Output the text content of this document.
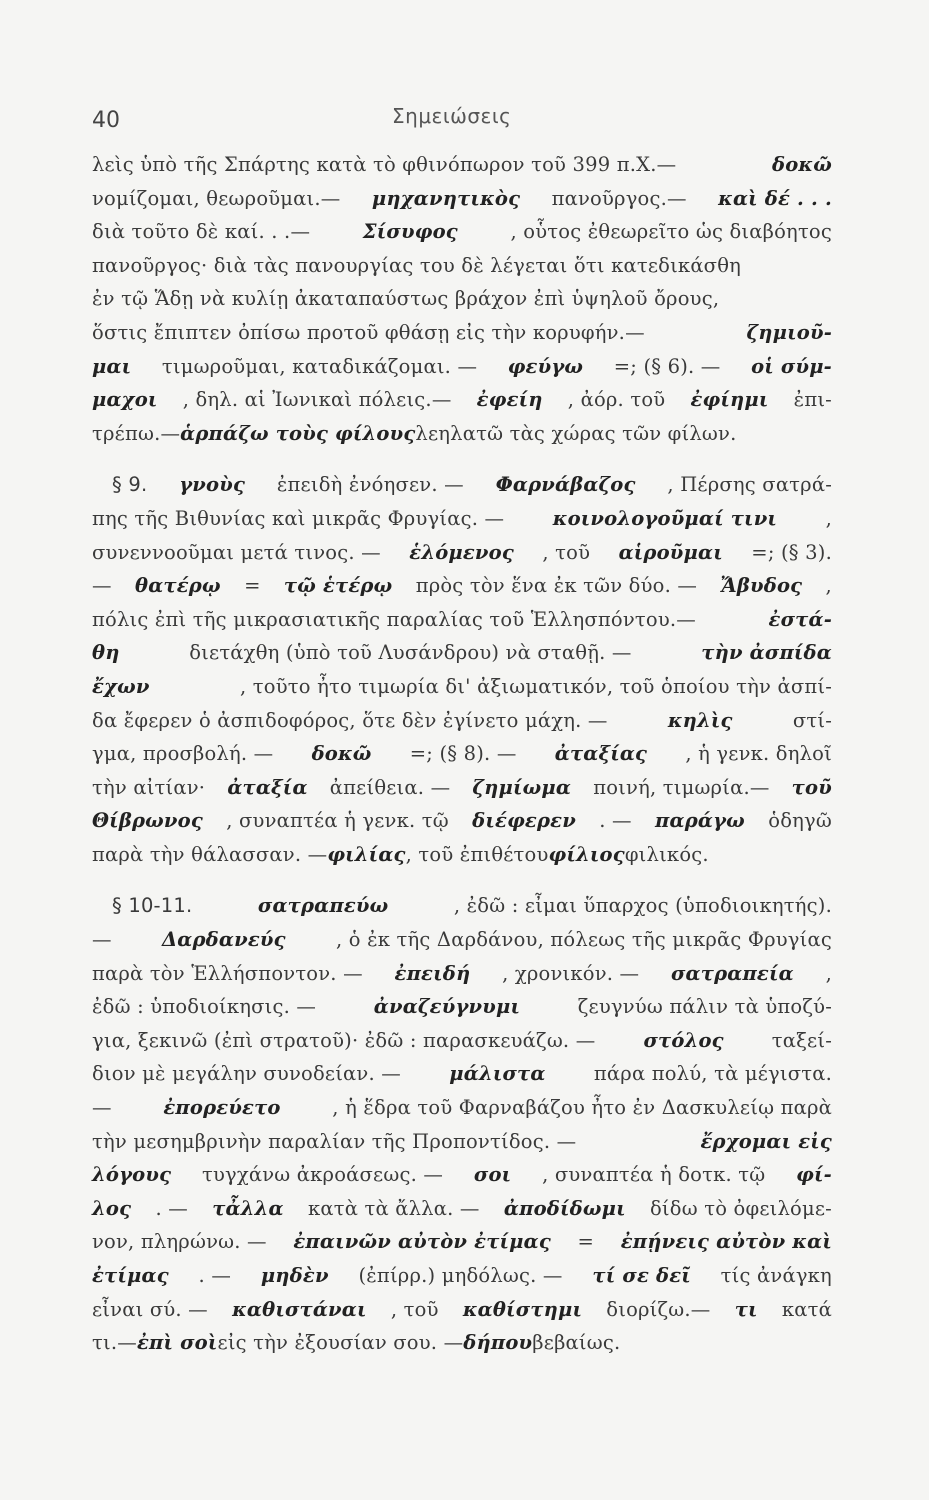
40	Σημειώσεις
λεὶς ὑπὸ τῆς Σπάρτης κατὰ τὸ φθινόπωρον τοῦ 399 π.Χ.—	δοκῶ
νομίζομαι, θεωροῦμαι.— μηχανητικὸς πανοῦργος.— καὶ δέ . . .
διὰ τοῦτο δὲ καί. . .—	Σίσυφος	, οὗτος ἐθεωρεῖτο ὡς διαβόητος
πανοῦργος· διὰ τὰς πανουργίας του δὲ λέγεται ὅτι κατεδικάσθη
ἐν τῷ Ἅδῃ νὰ κυλίῃ ἀκαταπαύστως βράχον ἐπὶ ὑψηλοῦ ὄρους,
ὅστις ἔπιπτεν ὀπίσω προτοῦ φθάσῃ εἰς τὴν κορυφήν.—	ζημιοῦ-
μαι τιμωροῦμαι, καταδικάζομαι. — φεύγω =; (§ 6). — οἱ σύμ-
μαχοι , δηλ. αἱ Ἰωνικαὶ πόλεις.— ἐφείη , ἀόρ. τοῦ ἐφίημι ἐπι-
τρέπω.— ἁρπάζω τοὺς φίλους λεηλατῶ τὰς χώρας τῶν φίλων.
§ 9. γνοὺς ἐπειδὴ ἐνόησεν. — Φαρνάβαζος , Πέρσης σατρά-
πης τῆς Βιθυνίας καὶ μικρᾶς Φρυγίας. — κοινολογοῦμαί τινι ,
συνεννοοῦμαι μετά τινος. — ἑλόμενος , τοῦ αἱροῦμαι =; (§ 3).
— θατέρῳ = τῷ ἑτέρῳ πρὸς τὸν ἕνα ἐκ τῶν δύο. — Ἄβυδος ,
πόλις ἐπὶ τῆς μικρασιατικῆς παραλίας τοῦ Ἑλλησπόντου.—	ἐστά-
θη	διετάχθη (ὑπὸ τοῦ Λυσάνδρου) νὰ σταθῇ. —	τὴν ἀσπίδα
ἔχων	, τοῦτο ἦτο τιμωρία δι' ἀξιωματικόν, τοῦ ὁποίου τὴν ἀσπί-
δα ἔφερεν ὁ ἀσπιδοφόρος, ὅτε δὲν ἐγίνετο μάχη. —	κηλὶς	στί-
γμα, προσβολή. — δοκῶ =; (§ 8). — ἀταξίας , ἡ γενκ. δηλοῖ
τὴν αἰτίαν· ἀταξία ἀπείθεια. — ζημίωμα ποινή, τιμωρία.— τοῦ
Θίβρωνος , συναπτέα ἡ γενκ. τῷ διέφερεν . — παράγω ὁδηγῶ
παρὰ τὴν θάλασσαν. — φιλίας , τοῦ ἐπιθέτου φίλιος φιλικός.
§ 10-11.	σατραπεύω	, ἐδῶ : εἶμαι ὕπαρχος (ὑποδιοικητής).
—	Δαρδανεύς	, ὁ ἐκ τῆς Δαρδάνου, πόλεως τῆς μικρᾶς Φρυγίας
παρὰ τὸν Ἑλλήσποντον. — ἐπειδή , χρονικόν. — σατραπεία ,
ἐδῶ : ὑποδιοίκησις. —	ἀναζεύγνυμι	ζευγνύω πάλιν τὰ ὑποζύ-
για, ξεκινῶ (ἐπὶ στρατοῦ)· ἐδῶ : παρασκευάζω. — στόλος ταξεί-
διον μὲ μεγάλην συνοδείαν. — μάλιστα πάρα πολύ, τὰ μέγιστα.
—	ἐπορεύετο	, ἡ ἕδρα τοῦ Φαρναβάζου ἦτο ἐν Δασκυλείῳ παρὰ
τὴν μεσημβρινὴν παραλίαν τῆς Προποντίδος. —	ἔρχομαι εἰς
λόγους τυγχάνω ἀκροάσεως. — σοι , συναπτέα ἡ δοτκ. τῷ φί-
λος . — τἆλλα κατὰ τὰ ἄλλα. — ἀποδίδωμι δίδω τὸ ὀφειλόμε-
νον, πληρώνω. — ἐπαινῶν αὐτὸν ἐτίμας = ἐπῄνεις αὐτὸν καὶ
ἐτίμας . — μηδὲν (ἐπίρρ.) μηδόλως. — τί σε δεῖ τίς ἀνάγκη
εἶναι σύ. — καθιστάναι , τοῦ καθίστημι διορίζω.— τι κατά
τι.— ἐπὶ σοὶ εἰς τὴν ἐξουσίαν σου. — δήπου βεβαίως.
